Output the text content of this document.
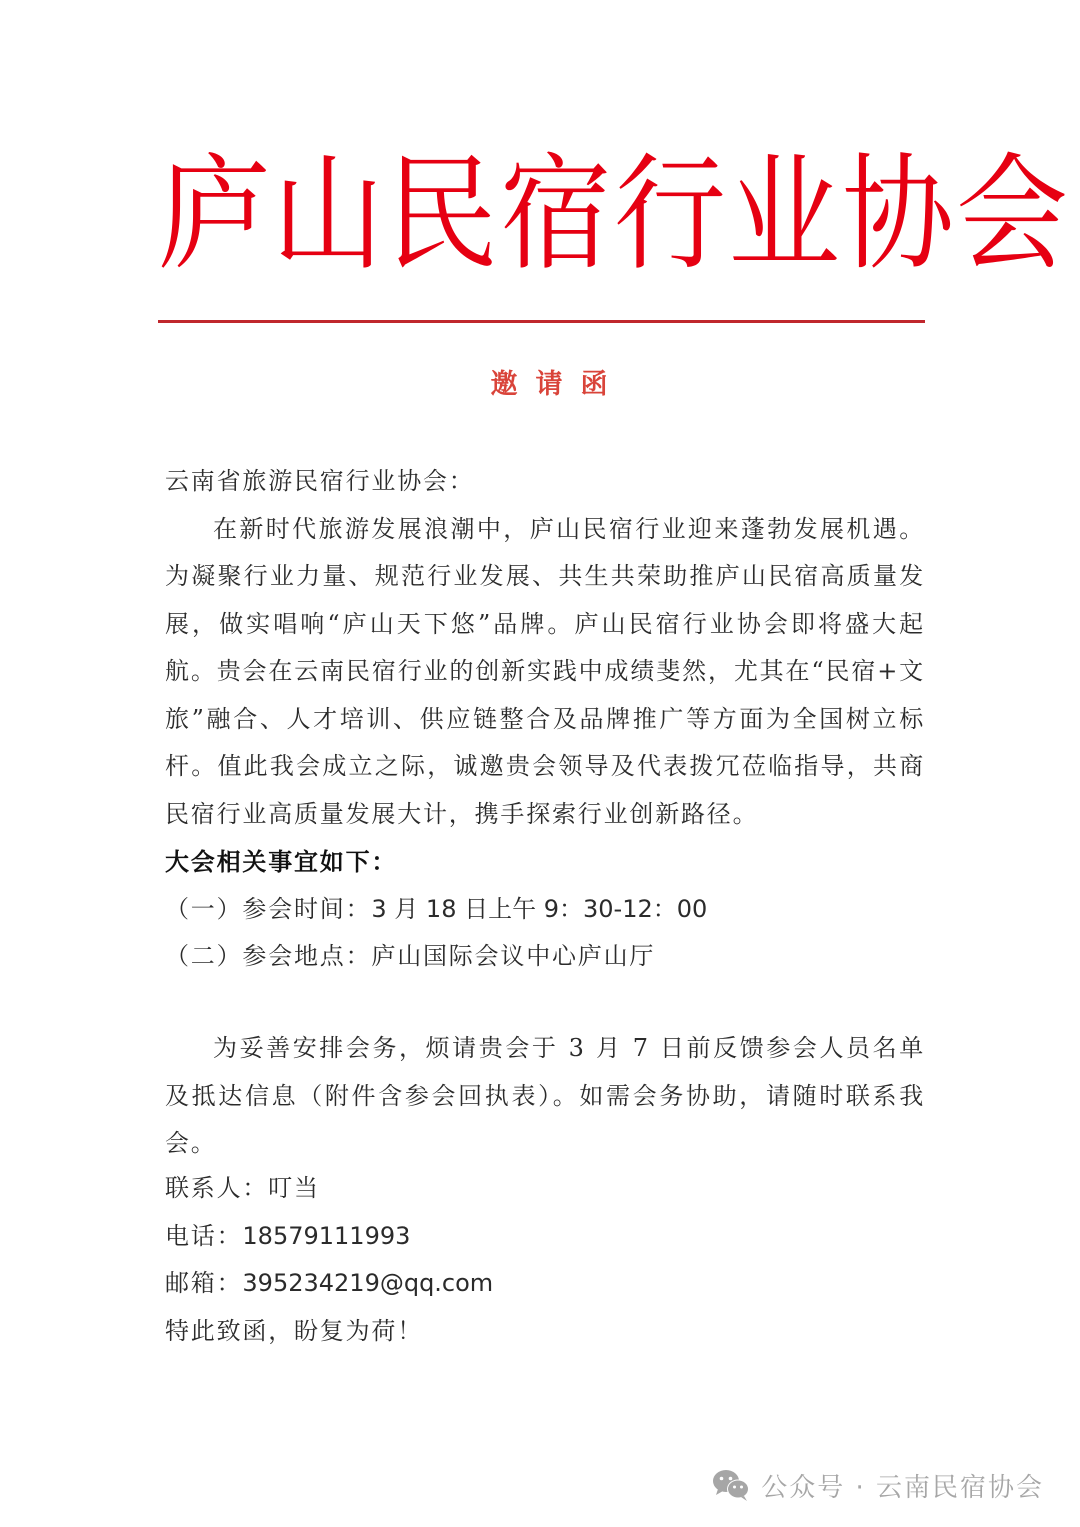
庐山民宿行业协会
邀请函

云南省旅游民宿行业协会：

在新时代旅游发展浪潮中，庐山民宿行业迎来蓬勃发展机遇。为凝聚行业力量、规范行业发展、共生共荣助推庐山民宿高质量发展，做实唱响“庐山天下悠”品牌。庐山民宿行业协会即将盛大起航。贵会在云南民宿行业的创新实践中成绩斐然，尤其在“民宿+文旅”融合、人才培训、供应链整合及品牌推广等方面为全国树立标杆。值此我会成立之际，诚邀贵会领导及代表拨冗莅临指导，共商民宿行业高质量发展大计，携手探索行业创新路径。

大会相关事宜如下：

（一）参会时间：3 月 18 日上午 9：30-12：00

（二）参会地点：庐山国际会议中心庐山厅

为妥善安排会务，烦请贵会于 3 月 7 日前反馈参会人员名单及抵达信息（附件含参会回执表）。如需会务协助，请随时联系我会。

联系人：叮当

电话：18579111993

邮箱：395234219@qq.com

特此致函，盼复为荷！

公众号 · 云南民宿协会
